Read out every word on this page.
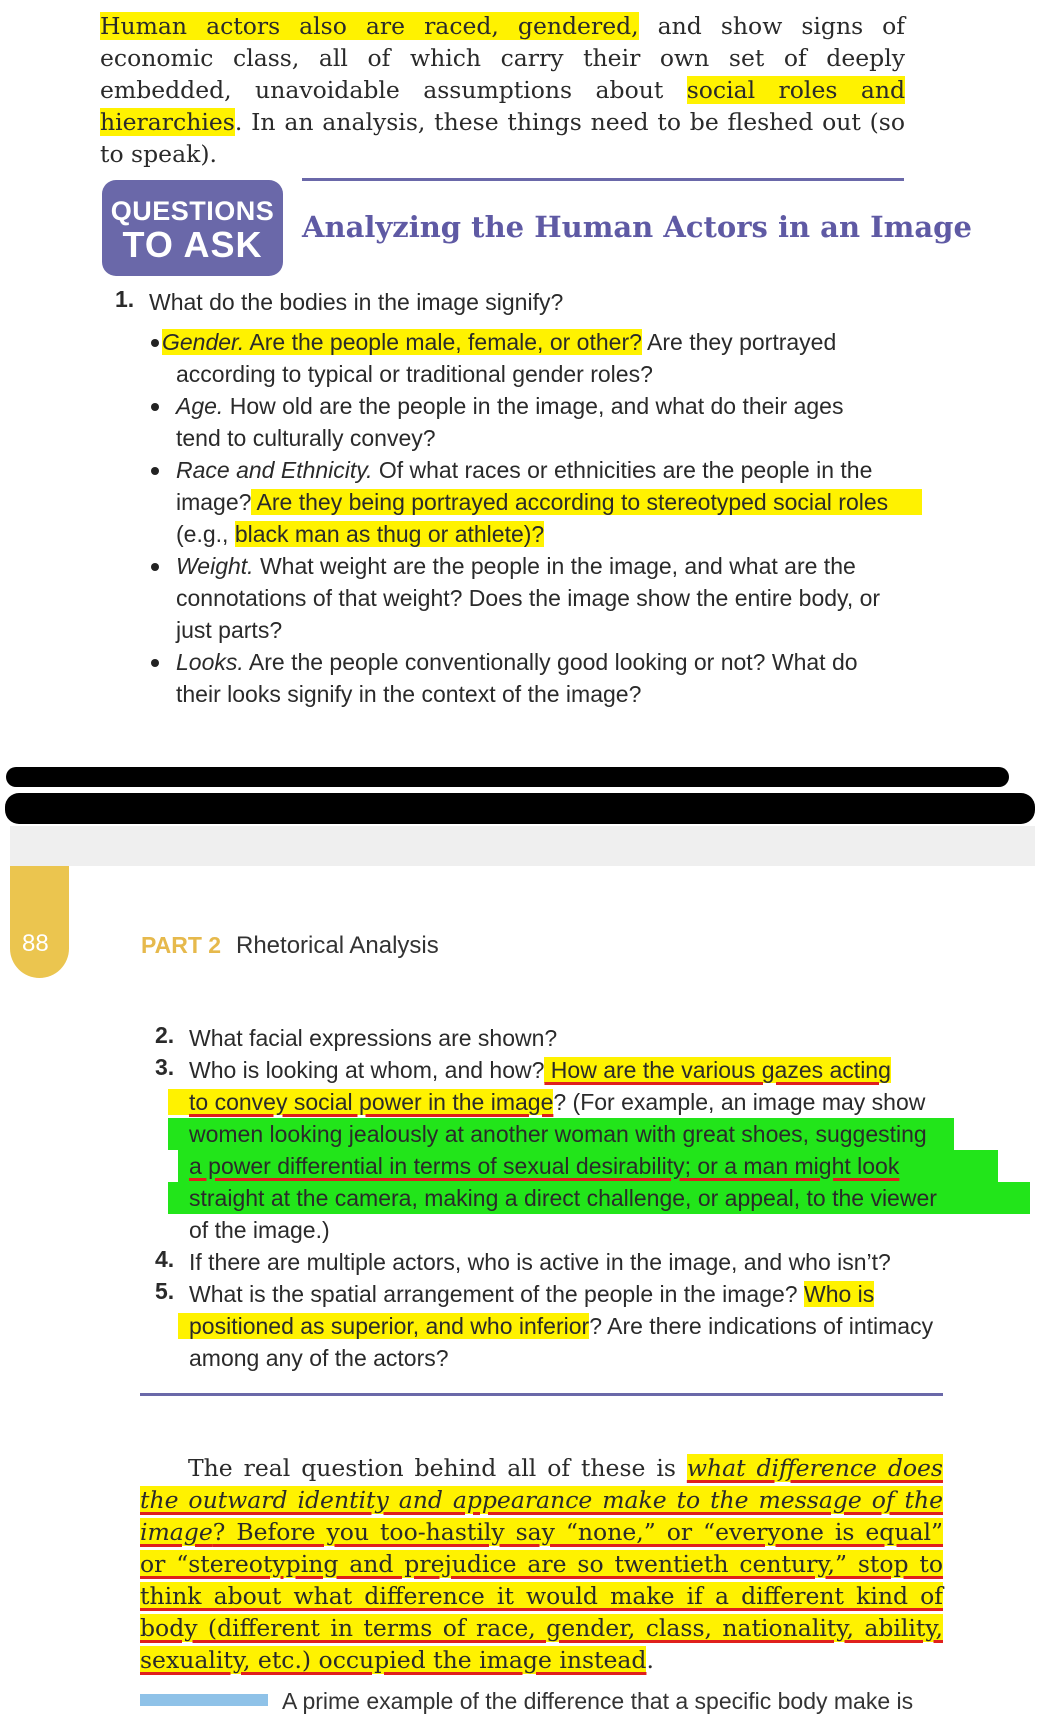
Human actors also are raced, gendered, and show signs of economic class, all of which carry their own set of deeply embedded, unavoidable assumptions about social roles and hierarchies. In an analysis, these things need to be fleshed out (so to speak).
QUESTIONS
TO ASK	Analyzing the Human Actors in an Image
1. What do the bodies in the image signify?
Gender. Are the people male, female, or other? Are they portrayed
according to typical or traditional gender roles?
Age. How old are the people in the image, and what do their ages
tend to culturally convey?
Race and Ethnicity. Of what races or ethnicities are the people in the
image? Are they being portrayed according to stereotyped social roles
(e.g., black man as thug or athlete)?
Weight. What weight are the people in the image, and what are the
connotations of that weight? Does the image show the entire body, or
just parts?
Looks. Are the people conventionally good looking or not? What do
their looks signify in the context of the image?
88	PART 2 Rhetorical Analysis
2. What facial expressions are shown?
3. Who is looking at whom, and how? How are the various gazes acting
to convey social power in the image? (For example, an image may show
women looking jealously at another woman with great shoes, suggesting
a power differential in terms of sexual desirability; or a man might look
straight at the camera, making a direct challenge, or appeal, to the viewer
of the image.)
4. If there are multiple actors, who is active in the image, and who isn’t?
5. What is the spatial arrangement of the people in the image? Who is
positioned as superior, and who inferior? Are there indications of intimacy
among any of the actors?
The real question behind all of these is what difference does the outward identity and appearance make to the message of the image? Before you too-hastily say “none,” or “everyone is equal” or “stereotyping and prejudice are so twentieth century,” stop to think about what difference it would make if a different kind of body (different in terms of race, gender, class, nationality, ability, sexuality, etc.) occupied the image instead.
A prime example of the difference that a specific body make is
